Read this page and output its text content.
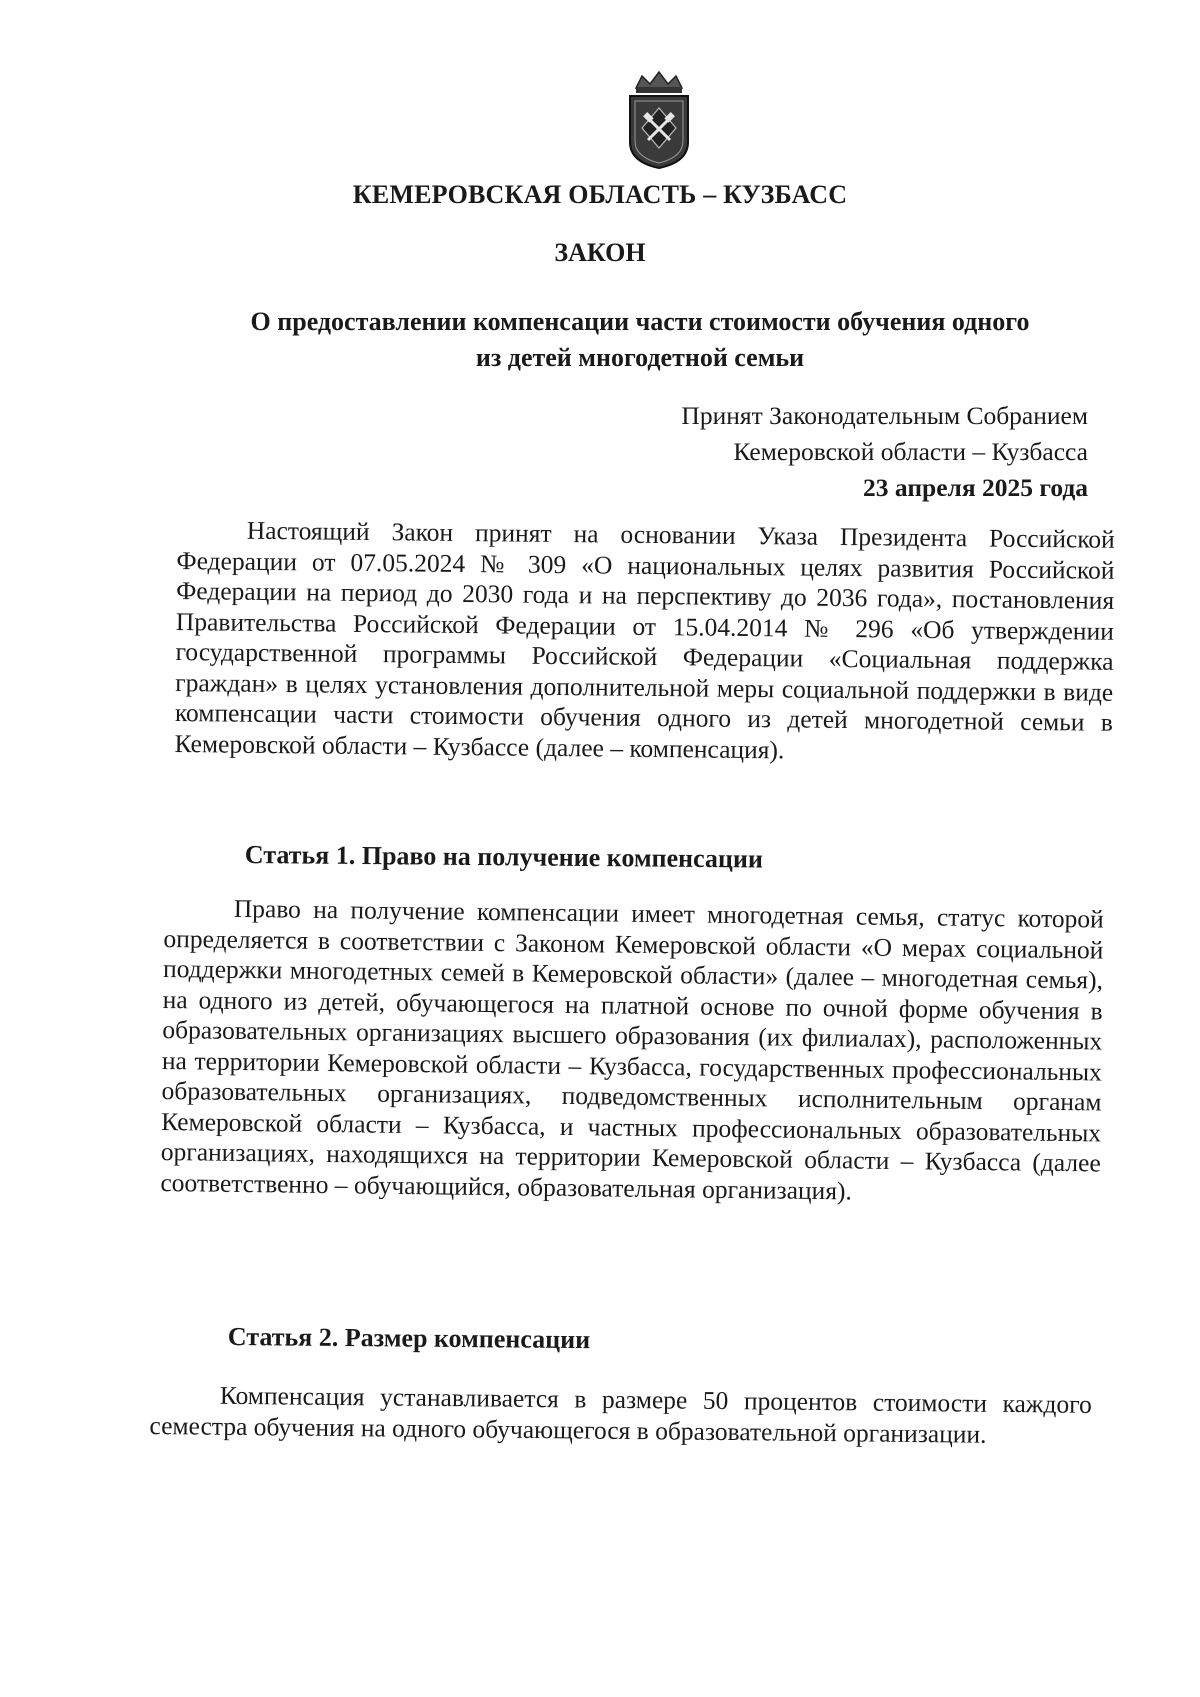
КЕМЕРОВСКАЯ ОБЛАСТЬ – КУЗБАСС
ЗАКОН
О предоставлении компенсации части стоимости обучения одного из детей многодетной семьи
Принят Законодательным Собранием
Кемеровской области – Кузбасса
23 апреля 2025 года
Настоящий Закон принят на основании Указа Президента Российской Федерации от 07.05.2024 № 309 «О национальных целях развития Российской Федерации на период до 2030 года и на перспективу до 2036 года», постановления Правительства Российской Федерации от 15.04.2014 № 296 «Об утверждении государственной программы Российской Федерации «Социальная поддержка граждан» в целях установления дополнительной меры социальной поддержки в виде компенсации части стоимости обучения одного из детей многодетной семьи в Кемеровской области – Кузбассе (далее – компенсация).
Статья 1. Право на получение компенсации
Право на получение компенсации имеет многодетная семья, статус которой определяется в соответствии с Законом Кемеровской области «О мерах социальной поддержки многодетных семей в Кемеровской области» (далее – многодетная семья), на одного из детей, обучающегося на платной основе по очной форме обучения в образовательных организациях высшего образования (их филиалах), расположенных на территории Кемеровской области – Кузбасса, государственных профессиональных образовательных организациях, подведомственных исполнительным органам Кемеровской области – Кузбасса, и частных профессиональных образовательных организациях, находящихся на территории Кемеровской области – Кузбасса (далее соответственно – обучающийся, образовательная организация).
Статья 2. Размер компенсации
Компенсация устанавливается в размере 50 процентов стоимости каждого семестра обучения на одного обучающегося в образовательной организации.
